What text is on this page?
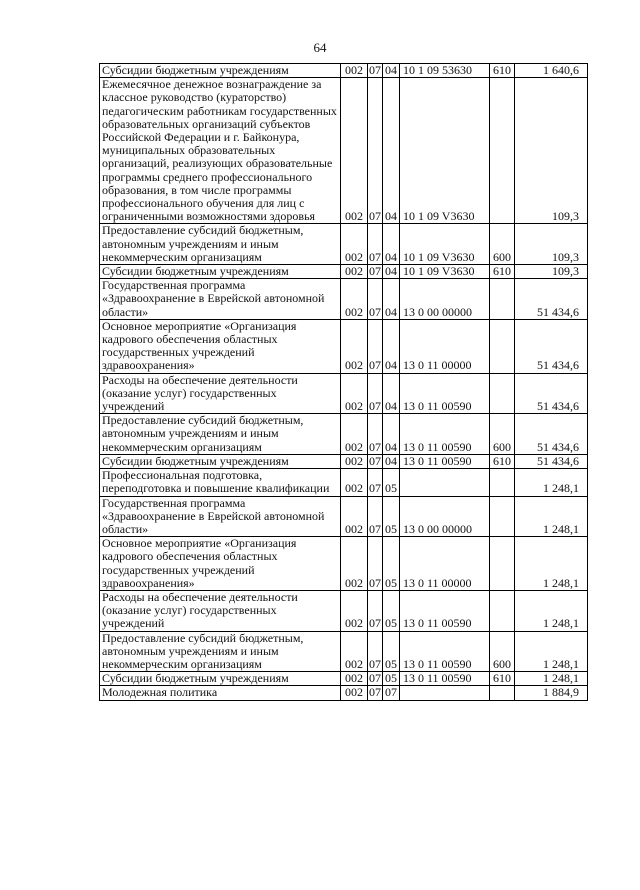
64
Субсидии бюджетным учреждениям	002	07	04	10 1 09 53630	610	1 640,6
Ежемесячное денежное вознаграждение за классное руководство (кураторство) педагогическим работникам государственных образовательных организаций субъектов Российской Федерации и г. Байконура, муниципальных образовательных организаций, реализующих образовательные программы среднего профессионального образования, в том числе программы профессионального обучения для лиц с ограниченными возможностями здоровья	002	07	04	10 1 09 V3630		109,3
Предоставление субсидий бюджетным, автономным учреждениям и иным некоммерческим организациям	002	07	04	10 1 09 V3630	600	109,3
Субсидии бюджетным учреждениям	002	07	04	10 1 09 V3630	610	109,3
Государственная программа «Здравоохранение в Еврейской автономной области»	002	07	04	13 0 00 00000		51 434,6
Основное мероприятие «Организация кадрового обеспечения областных государственных учреждений здравоохранения»	002	07	04	13 0 11 00000		51 434,6
Расходы на обеспечение деятельности (оказание услуг) государственных учреждений	002	07	04	13 0 11 00590		51 434,6
Предоставление субсидий бюджетным, автономным учреждениям и иным некоммерческим организациям	002	07	04	13 0 11 00590	600	51 434,6
Субсидии бюджетным учреждениям	002	07	04	13 0 11 00590	610	51 434,6
Профессиональная подготовка, переподготовка и повышение квалификации	002	07	05			1 248,1
Государственная программа «Здравоохранение в Еврейской автономной области»	002	07	05	13 0 00 00000		1 248,1
Основное мероприятие «Организация кадрового обеспечения областных государственных учреждений здравоохранения»	002	07	05	13 0 11 00000		1 248,1
Расходы на обеспечение деятельности (оказание услуг) государственных учреждений	002	07	05	13 0 11 00590		1 248,1
Предоставление субсидий бюджетным, автономным учреждениям и иным некоммерческим организациям	002	07	05	13 0 11 00590	600	1 248,1
Субсидии бюджетным учреждениям	002	07	05	13 0 11 00590	610	1 248,1
Молодежная политика	002	07	07			1 884,9
